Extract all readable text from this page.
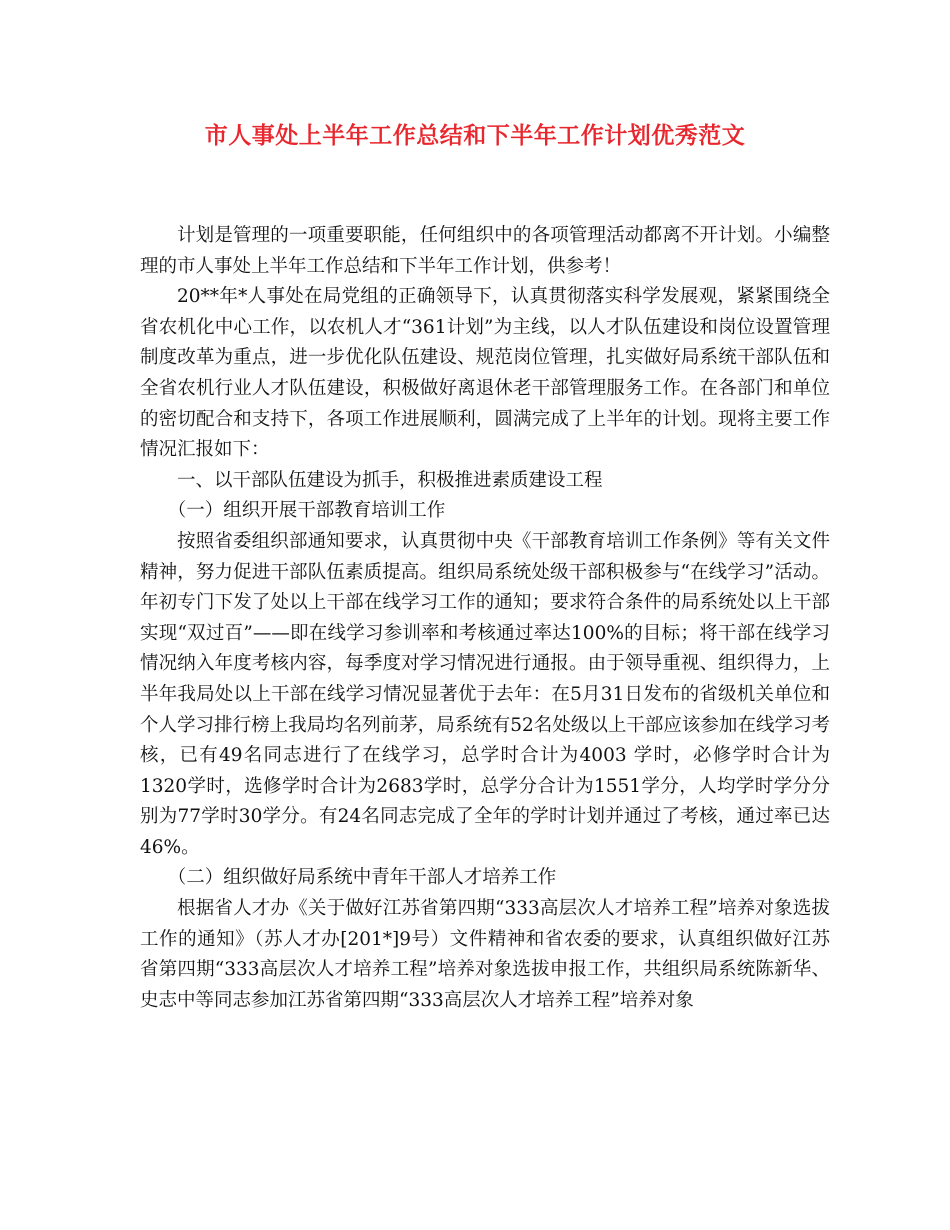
市人事处上半年工作总结和下半年工作计划优秀范文

计划是管理的一项重要职能，任何组织中的各项管理活动都离不开计划。小编整理的市人事处上半年工作总结和下半年工作计划，供参考！

20**年*人事处在局党组的正确领导下，认真贯彻落实科学发展观，紧紧围绕全省农机化中心工作，以农机人才“361计划”为主线，以人才队伍建设和岗位设置管理制度改革为重点，进一步优化队伍建设、规范岗位管理，扎实做好局系统干部队伍和全省农机行业人才队伍建设，积极做好离退休老干部管理服务工作。在各部门和单位的密切配合和支持下，各项工作进展顺利，圆满完成了上半年的计划。现将主要工作情况汇报如下：

一、以干部队伍建设为抓手，积极推进素质建设工程

（一）组织开展干部教育培训工作

按照省委组织部通知要求，认真贯彻中央《干部教育培训工作条例》等有关文件精神，努力促进干部队伍素质提高。组织局系统处级干部积极参与“在线学习”活动。年初专门下发了处以上干部在线学习工作的通知；要求符合条件的局系统处以上干部实现“双过百”——即在线学习参训率和考核通过率达100%的目标；将干部在线学习情况纳入年度考核内容，每季度对学习情况进行通报。由于领导重视、组织得力，上半年我局处以上干部在线学习情况显著优于去年：在5月31日发布的省级机关单位和个人学习排行榜上我局均名列前茅，局系统有52名处级以上干部应该参加在线学习考核，已有49名同志进行了在线学习，总学时合计为4003 学时，必修学时合计为1320学时，选修学时合计为2683学时，总学分合计为1551学分，人均学时学分分别为77学时30学分。有24名同志完成了全年的学时计划并通过了考核，通过率已达46%。

（二）组织做好局系统中青年干部人才培养工作

根据省人才办《关于做好江苏省第四期“333高层次人才培养工程”培养对象选拔工作的通知》（苏人才办[201*]9号）文件精神和省农委的要求，认真组织做好江苏省第四期“333高层次人才培养工程”培养对象选拔申报工作，共组织局系统陈新华、史志中等同志参加江苏省第四期“333高层次人才培养工程”培养对象
